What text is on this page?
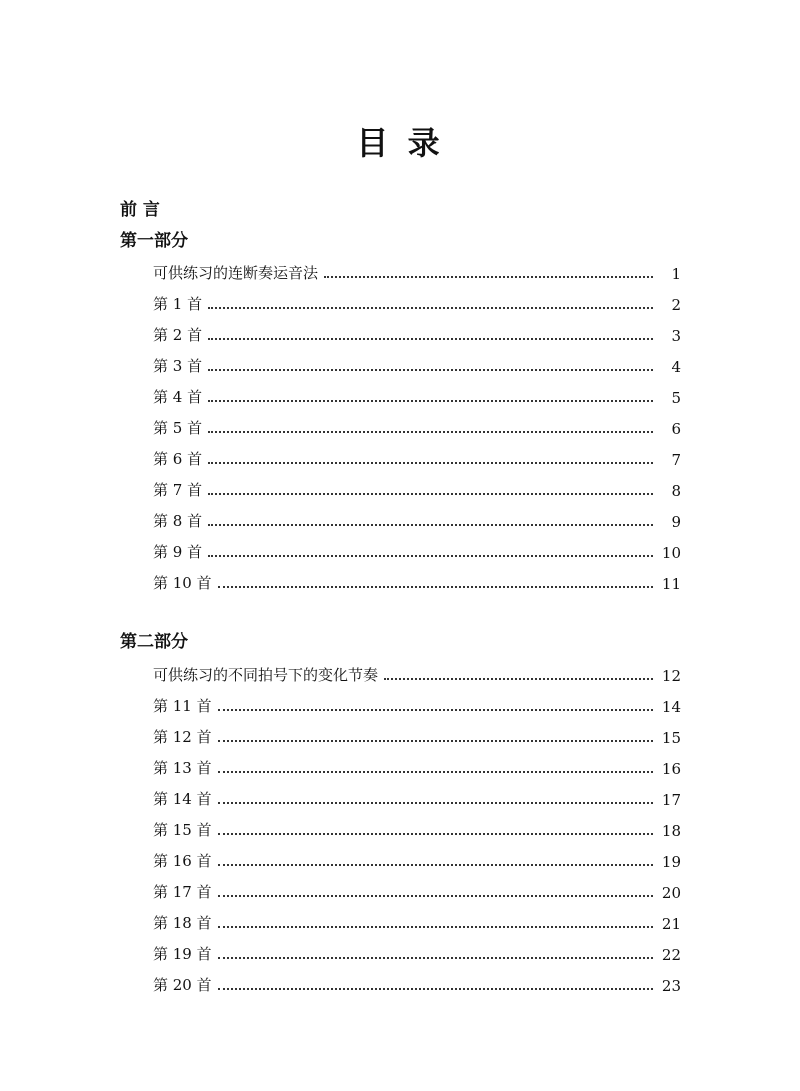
目 录
前 言
第一部分
可供练习的连断奏运音法	1
第 1 首	2
第 2 首	3
第 3 首	4
第 4 首	5
第 5 首	6
第 6 首	7
第 7 首	8
第 8 首	9
第 9 首	10
第 10 首	11
第二部分
可供练习的不同拍号下的变化节奏	12
第 11 首	14
第 12 首	15
第 13 首	16
第 14 首	17
第 15 首	18
第 16 首	19
第 17 首	20
第 18 首	21
第 19 首	22
第 20 首	23
